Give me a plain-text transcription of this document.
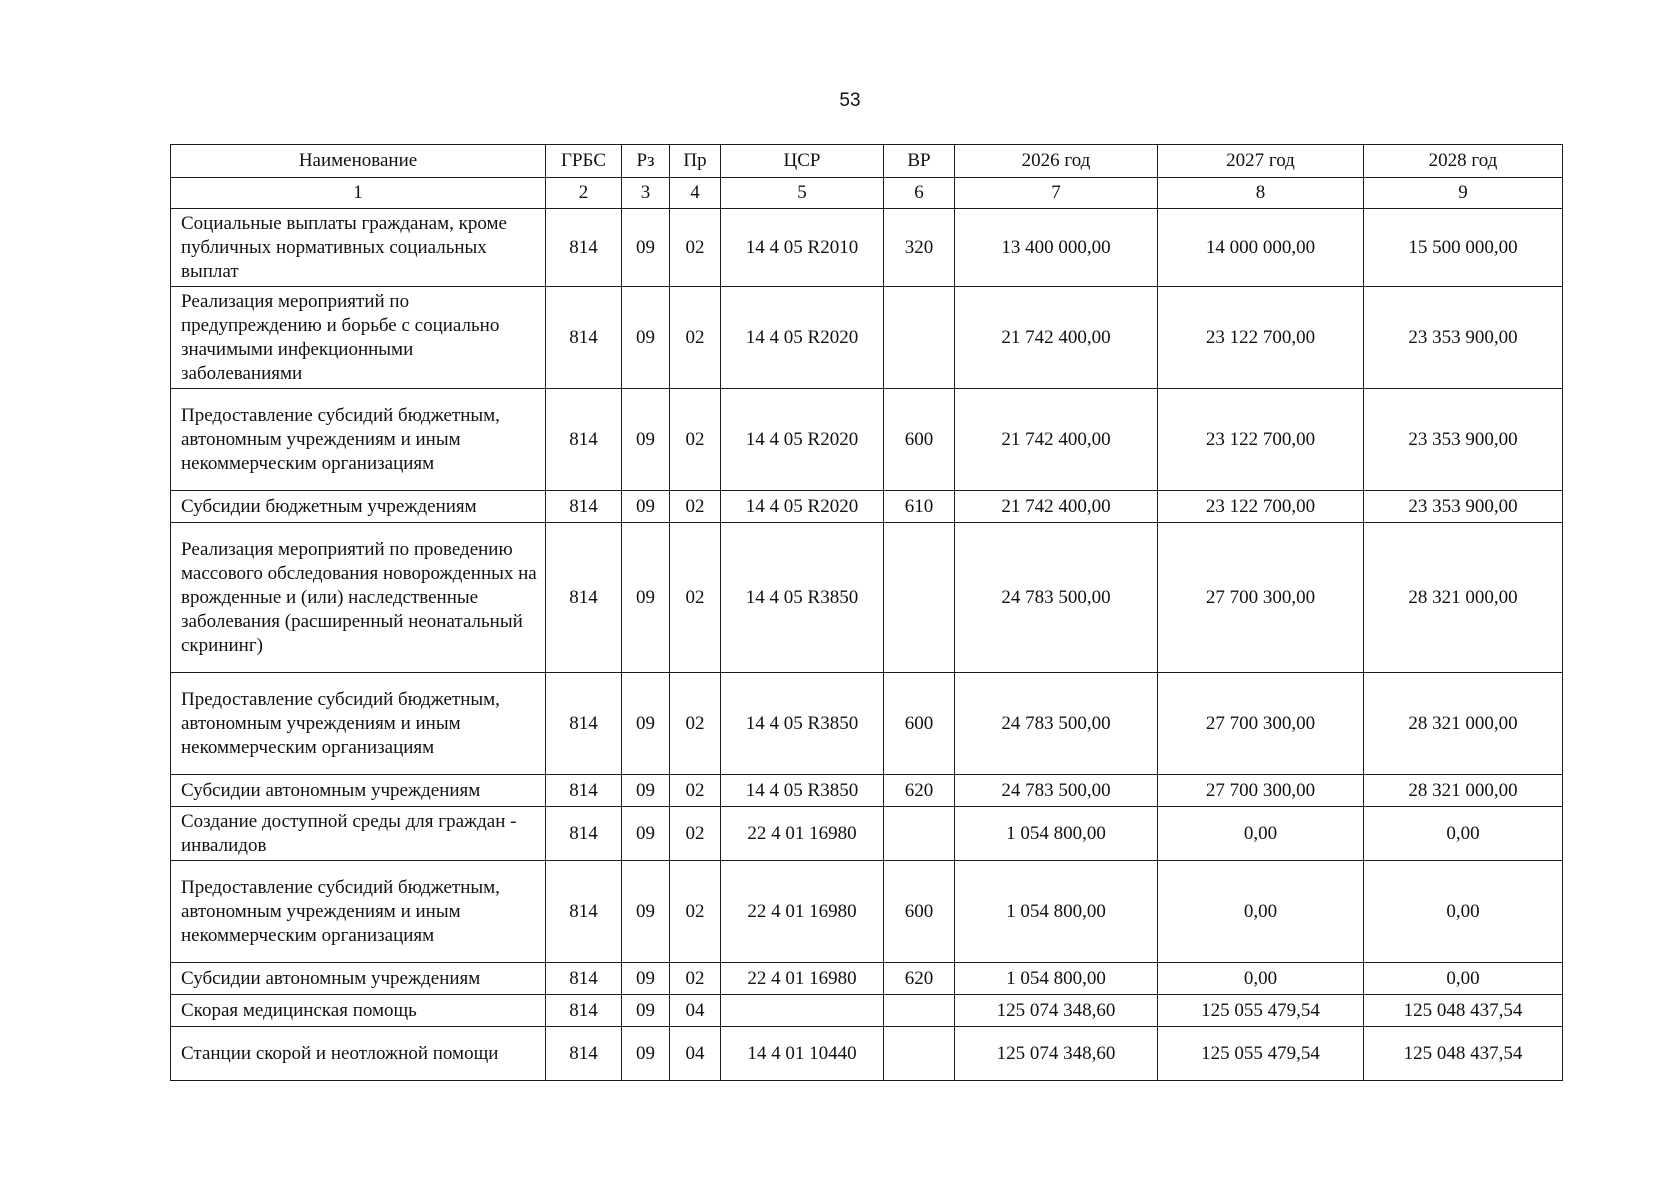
53
Наименование	ГРБС	Рз	Пр	ЦСР	ВР	2026 год	2027 год	2028 год
1	2	3	4	5	6	7	8	9
Социальные выплаты гражданам, кроме публичных нормативных социальных выплат	814	09	02	14 4 05 R2010	320	13 400 000,00	14 000 000,00	15 500 000,00
Реализация мероприятий по предупреждению и борьбе с социально значимыми инфекционными заболеваниями	814	09	02	14 4 05 R2020		21 742 400,00	23 122 700,00	23 353 900,00
Предоставление субсидий бюджетным, автономным учреждениям и иным некоммерческим организациям	814	09	02	14 4 05 R2020	600	21 742 400,00	23 122 700,00	23 353 900,00
Субсидии бюджетным учреждениям	814	09	02	14 4 05 R2020	610	21 742 400,00	23 122 700,00	23 353 900,00
Реализация мероприятий по проведению массового обследования новорожденных на врожденные и (или) наследственные заболевания (расширенный неонатальный скрининг)	814	09	02	14 4 05 R3850		24 783 500,00	27 700 300,00	28 321 000,00
Предоставление субсидий бюджетным, автономным учреждениям и иным некоммерческим организациям	814	09	02	14 4 05 R3850	600	24 783 500,00	27 700 300,00	28 321 000,00
Субсидии автономным учреждениям	814	09	02	14 4 05 R3850	620	24 783 500,00	27 700 300,00	28 321 000,00
Создание доступной среды для граждан - инвалидов	814	09	02	22 4 01 16980		1 054 800,00	0,00	0,00
Предоставление субсидий бюджетным, автономным учреждениям и иным некоммерческим организациям	814	09	02	22 4 01 16980	600	1 054 800,00	0,00	0,00
Субсидии автономным учреждениям	814	09	02	22 4 01 16980	620	1 054 800,00	0,00	0,00
Скорая медицинская помощь	814	09	04			125 074 348,60	125 055 479,54	125 048 437,54
Станции скорой и неотложной помощи	814	09	04	14 4 01 10440		125 074 348,60	125 055 479,54	125 048 437,54
